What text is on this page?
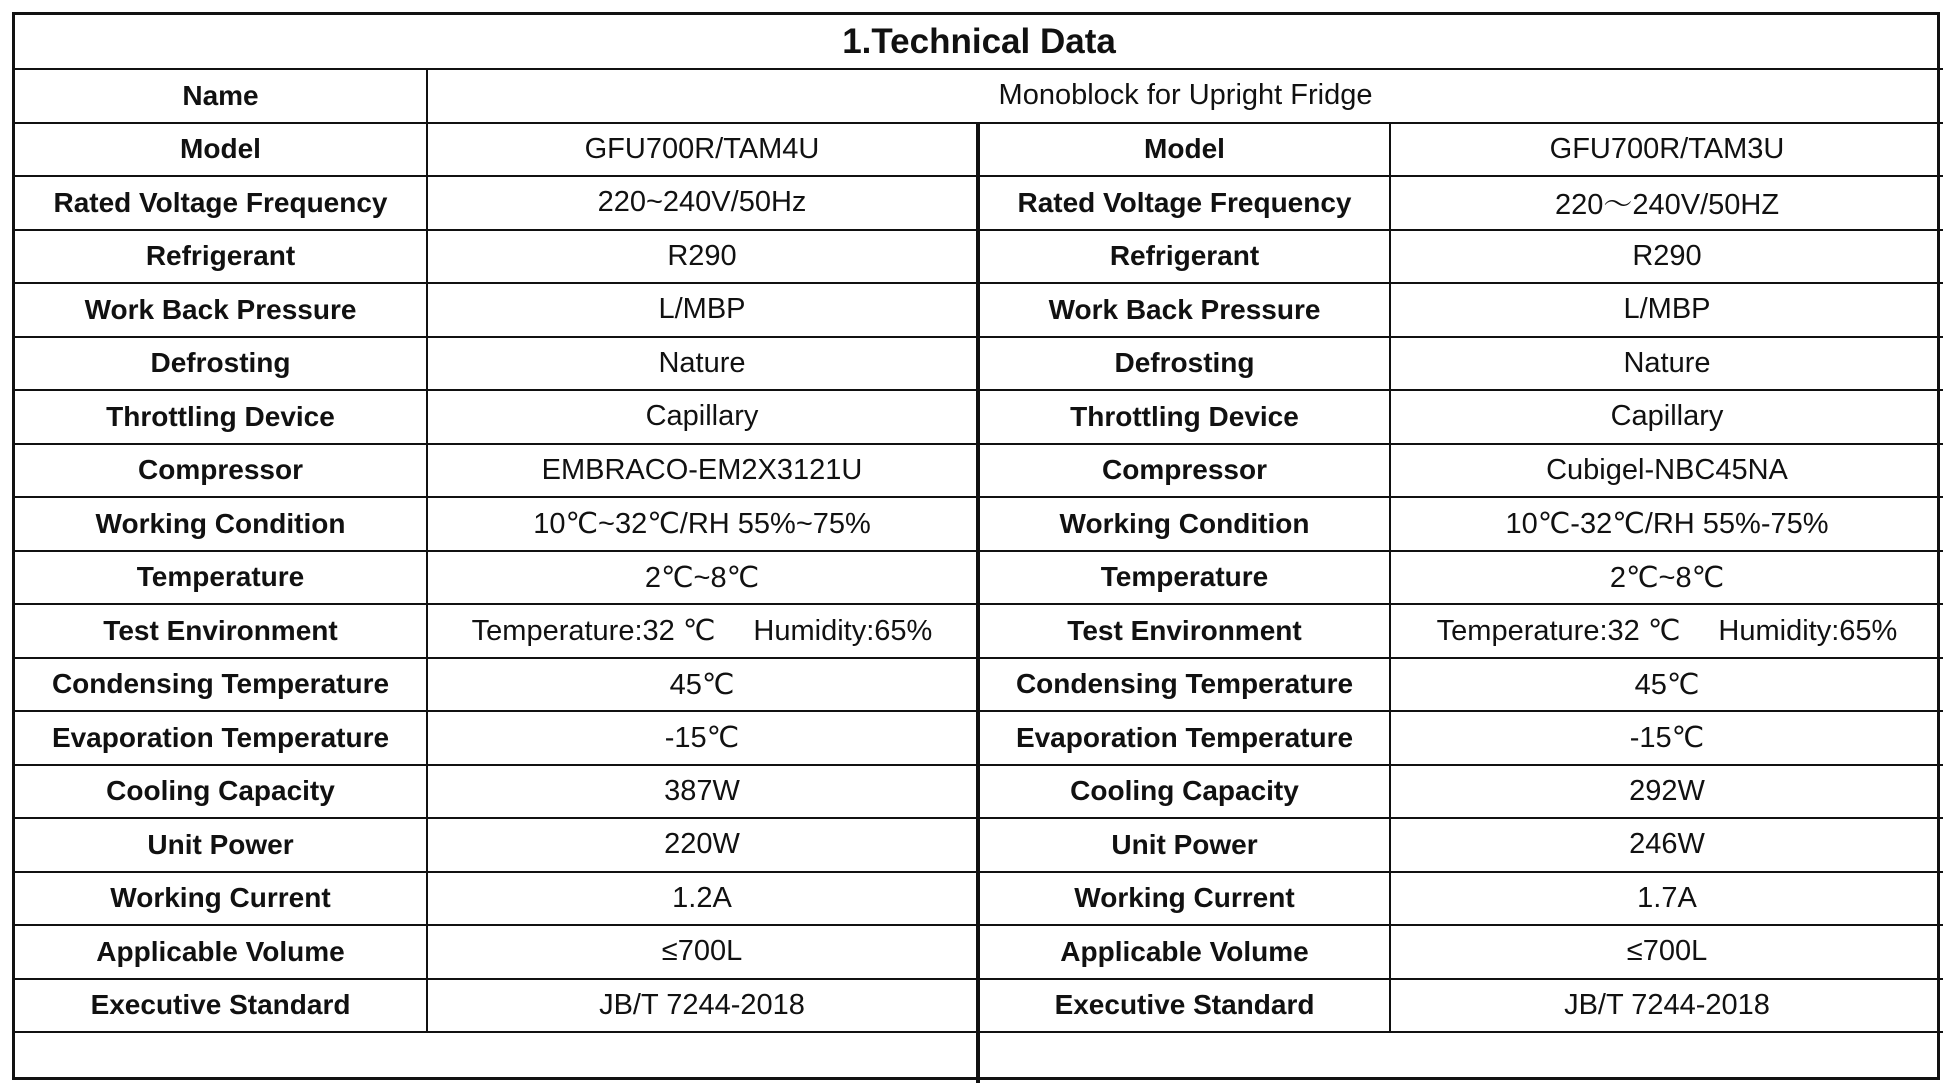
1.Technical Data			
Name	Monoblock for Upright Fridge		
Model	GFU700R/TAM4U	Model	GFU700R/TAM3U
Rated Voltage Frequency	220~240V/50Hz	Rated Voltage Frequency	220～240V/50HZ
Refrigerant	R290	Refrigerant	R290
Work Back Pressure	L/MBP	Work Back Pressure	L/MBP
Defrosting	Nature	Defrosting	Nature
Throttling Device	Capillary	Throttling Device	Capillary
Compressor	EMBRACO-EM2X3121U	Compressor	Cubigel-NBC45NA
Working Condition	10℃~32℃/RH 55%~75%	Working Condition	10℃-32℃/RH 55%-75%
Temperature	2℃~8℃	Temperature	2℃~8℃
Test Environment	Temperature:32 ℃ Humidity:65%	Test Environment	Temperature:32 ℃ Humidity:65%
Condensing Temperature	45℃	Condensing Temperature	45℃
Evaporation Temperature	-15℃	Evaporation Temperature	-15℃
Cooling Capacity	387W	Cooling Capacity	292W
Unit Power	220W	Unit Power	246W
Working Current	1.2A	Working Current	1.7A
Applicable Volume	≤700L	Applicable Volume	≤700L
Executive Standard	JB/T 7244-2018	Executive Standard	JB/T 7244-2018
